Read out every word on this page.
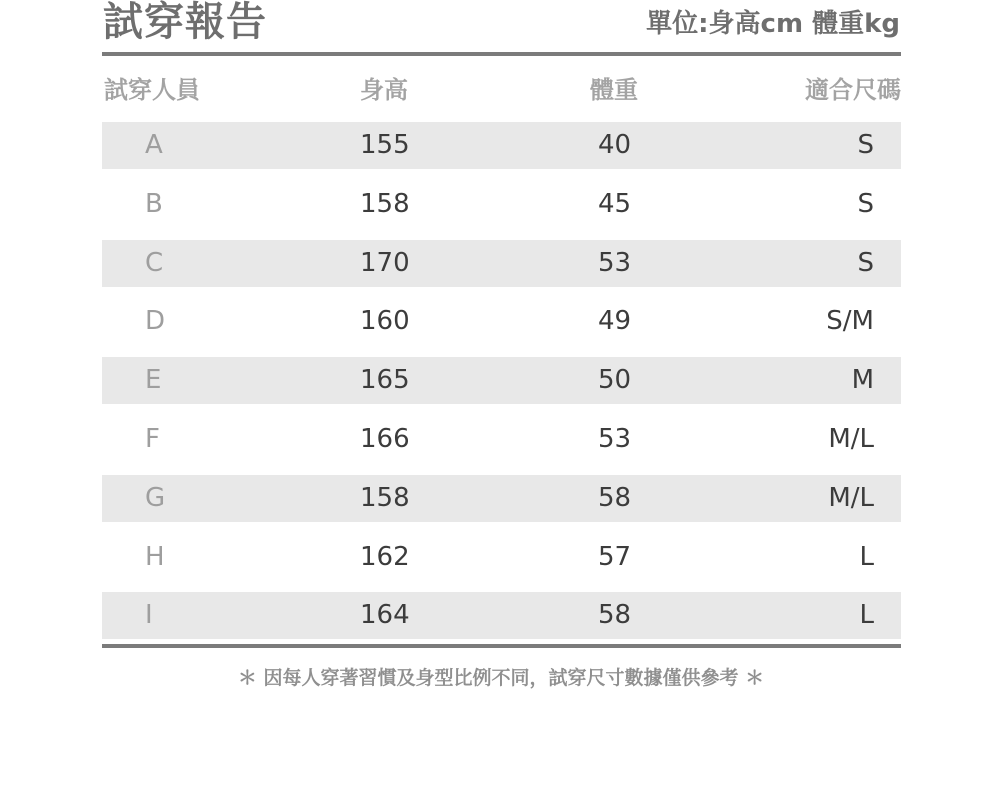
試穿報告	單位:身高cm 體重kg
試穿人員	身高	體重	適合尺碼
A	155	40	S
B	158	45	S
C	170	53	S
D	160	49	S/M
E	165	50	M
F	166	53	M/L
G	158	58	M/L
H	162	57	L
I	164	58	L
＊ 因每人穿著習慣及身型比例不同，試穿尺寸數據僅供參考 ＊
